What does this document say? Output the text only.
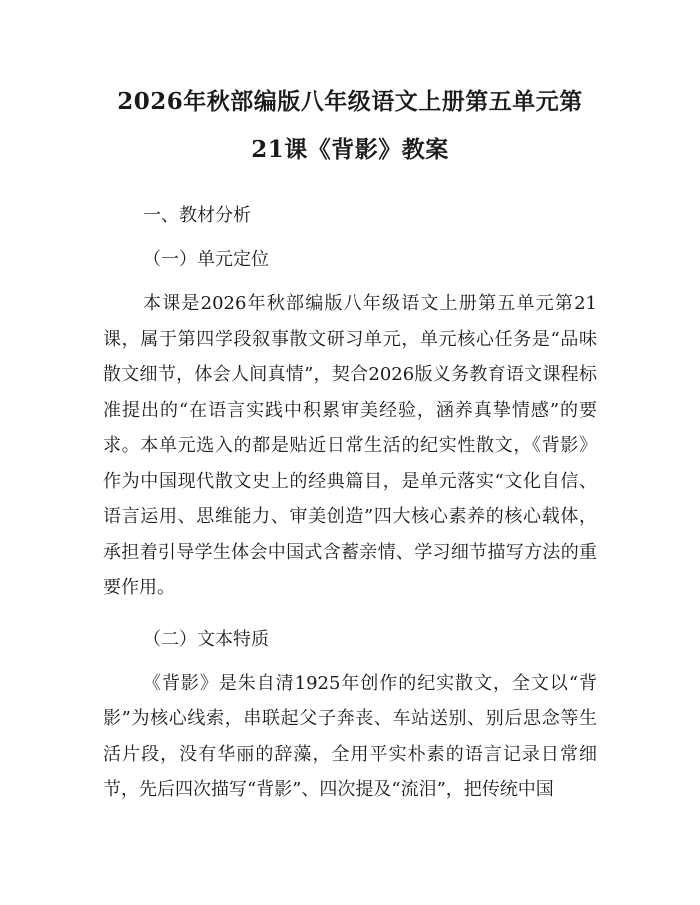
2026年秋部编版八年级语文上册第五单元第
21课《背影》教案

一、教材分析

（一）单元定位

本课是2026年秋部编版八年级语文上册第五单元第21课，属于第四学段叙事散文研习单元，单元核心任务是“品味散文细节，体会人间真情”，契合2026版义务教育语文课程标准提出的“在语言实践中积累审美经验，涵养真挚情感”的要求。本单元选入的都是贴近日常生活的纪实性散文，《背影》作为中国现代散文史上的经典篇目，是单元落实“文化自信、语言运用、思维能力、审美创造”四大核心素养的核心载体，承担着引导学生体会中国式含蓄亲情、学习细节描写方法的重要作用。

（二）文本特质

《背影》是朱自清1925年创作的纪实散文，全文以“背影”为核心线索，串联起父子奔丧、车站送别、别后思念等生活片段，没有华丽的辞藻，全用平实朴素的语言记录日常细节，先后四次描写“背影”、四次提及“流泪”，把传统中国
